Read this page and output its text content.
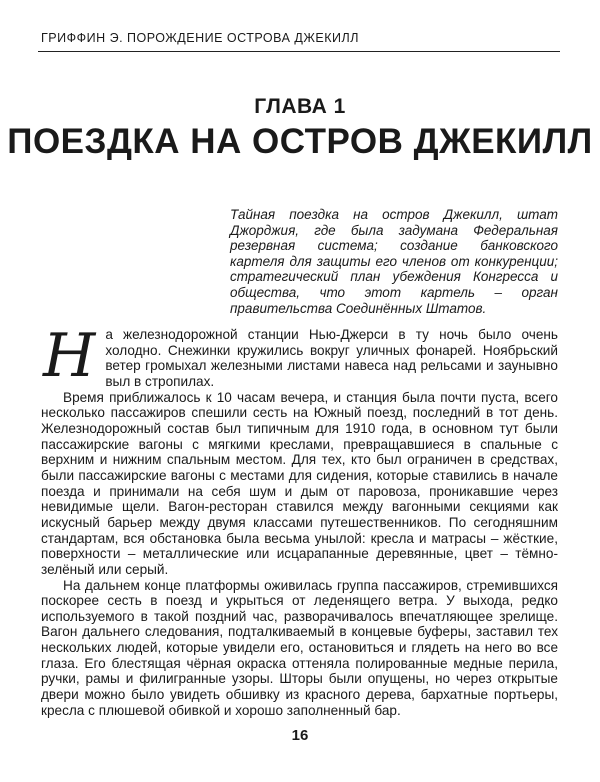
ГРИФФИН Э. ПОРОЖДЕНИЕ ОСТРОВА ДЖЕКИЛЛ
ГЛАВА 1
ПОЕЗДКА НА ОСТРОВ ДЖЕКИЛЛ
Тайная поездка на остров Джекилл, штат Джорджия, где была задумана Федеральная резервная система; создание банковского картеля для защиты его членов от конкуренции; стратегический план убеждения Конгресса и общества, что этот картель – орган правительства Соединённых Штатов.

На железнодорожной станции Нью-Джерси в ту ночь было очень холодно. Снежинки кружились вокруг уличных фонарей. Ноябрьский ветер громыхал железными листами навеса над рельсами и заунывно выл в стропилах.

Время приближалось к 10 часам вечера, и станция была почти пуста, всего несколько пассажиров спешили сесть на Южный поезд, последний в тот день. Железнодорожный состав был типичным для 1910 года, в основном тут были пассажирские вагоны с мягкими креслами, превращавшиеся в спальные с верхним и нижним спальным местом. Для тех, кто был ограничен в средствах, были пассажирские вагоны с местами для сидения, которые ставились в начале поезда и принимали на себя шум и дым от паровоза, проникавшие через невидимые щели. Вагон-ресторан ставился между вагонными секциями как искусный барьер между двумя классами путешественников. По сегодняшним стандартам, вся обстановка была весьма унылой: кресла и матрасы – жёсткие, поверхности – металлические или исцарапанные деревянные, цвет – тёмно-зелёный или серый.

На дальнем конце платформы оживилась группа пассажиров, стремившихся поскорее сесть в поезд и укрыться от леденящего ветра. У выхода, редко используемого в такой поздний час, разворачивалось впечатляющее зрелище. Вагон дальнего следования, подталкиваемый в концевые буферы, заставил тех нескольких людей, которые увидели его, остановиться и глядеть на него во все глаза. Его блестящая чёрная окраска оттеняла полированные медные перила, ручки, рамы и филигранные узоры. Шторы были опущены, но через открытые двери можно было увидеть обшивку из красного дерева, бархатные портьеры, кресла с плюшевой обивкой и хорошо заполненный бар.

16
